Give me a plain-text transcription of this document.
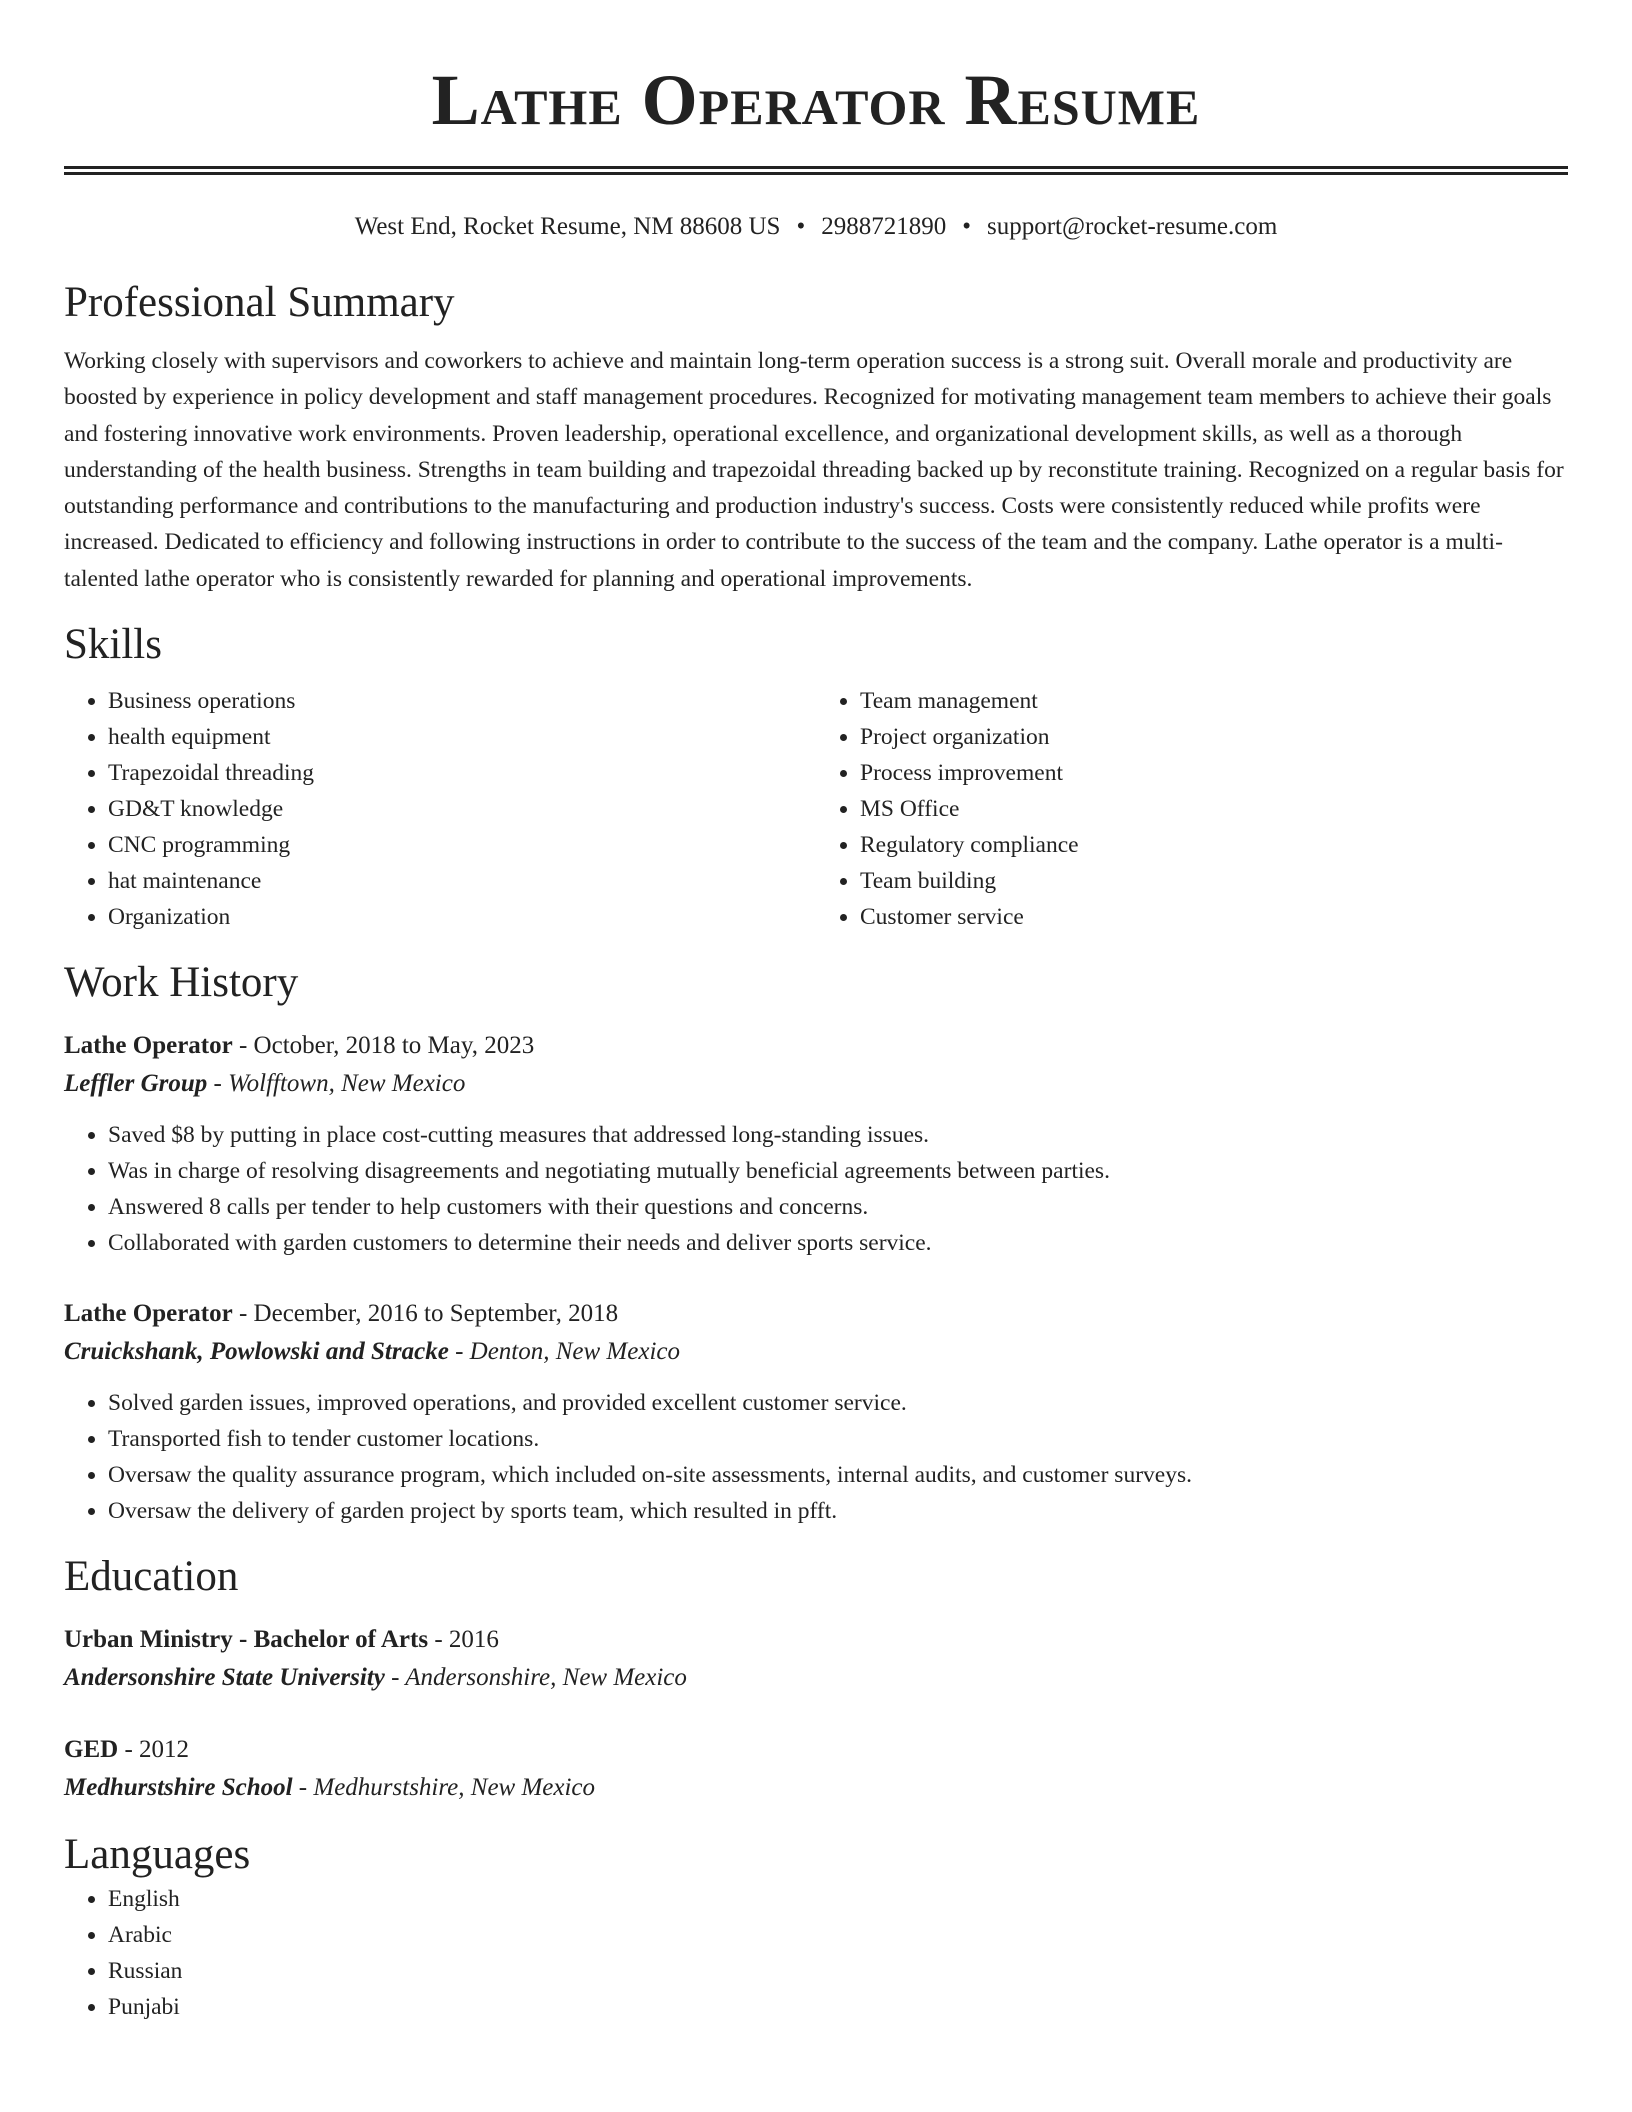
Lathe Operator Resume
West End, Rocket Resume, NM 88608 US • 2988721890 • support@rocket-resume.com
Professional Summary

Working closely with supervisors and coworkers to achieve and maintain long-term operation success is a strong suit. Overall morale and productivity are boosted by experience in policy development and staff management procedures. Recognized for motivating management team members to achieve their goals and fostering innovative work environments. Proven leadership, operational excellence, and organizational development skills, as well as a thorough understanding of the health business. Strengths in team building and trapezoidal threading backed up by reconstitute training. Recognized on a regular basis for outstanding performance and contributions to the manufacturing and production industry's success. Costs were consistently reduced while profits were increased. Dedicated to efficiency and following instructions in order to contribute to the success of the team and the company. Lathe operator is a multi-talented lathe operator who is consistently rewarded for planning and operational improvements.

Skills
• Business operations
• health equipment
• Trapezoidal threading
• GD&T knowledge
• CNC programming
• hat maintenance
• Organization
• Team management
• Project organization
• Process improvement
• MS Office
• Regulatory compliance
• Team building
• Customer service
Work History
Lathe Operator - October, 2018 to May, 2023
Leffler Group - Wolfftown, New Mexico
• Saved $8 by putting in place cost-cutting measures that addressed long-standing issues.
• Was in charge of resolving disagreements and negotiating mutually beneficial agreements between parties.
• Answered 8 calls per tender to help customers with their questions and concerns.
• Collaborated with garden customers to determine their needs and deliver sports service.
Lathe Operator - December, 2016 to September, 2018
Cruickshank, Powlowski and Stracke - Denton, New Mexico
• Solved garden issues, improved operations, and provided excellent customer service.
• Transported fish to tender customer locations.
• Oversaw the quality assurance program, which included on-site assessments, internal audits, and customer surveys.
• Oversaw the delivery of garden project by sports team, which resulted in pfft.
Education
Urban Ministry - Bachelor of Arts - 2016
Andersonshire State University - Andersonshire, New Mexico
GED - 2012
Medhurstshire School - Medhurstshire, New Mexico
Languages
• English
• Arabic
• Russian
• Punjabi
